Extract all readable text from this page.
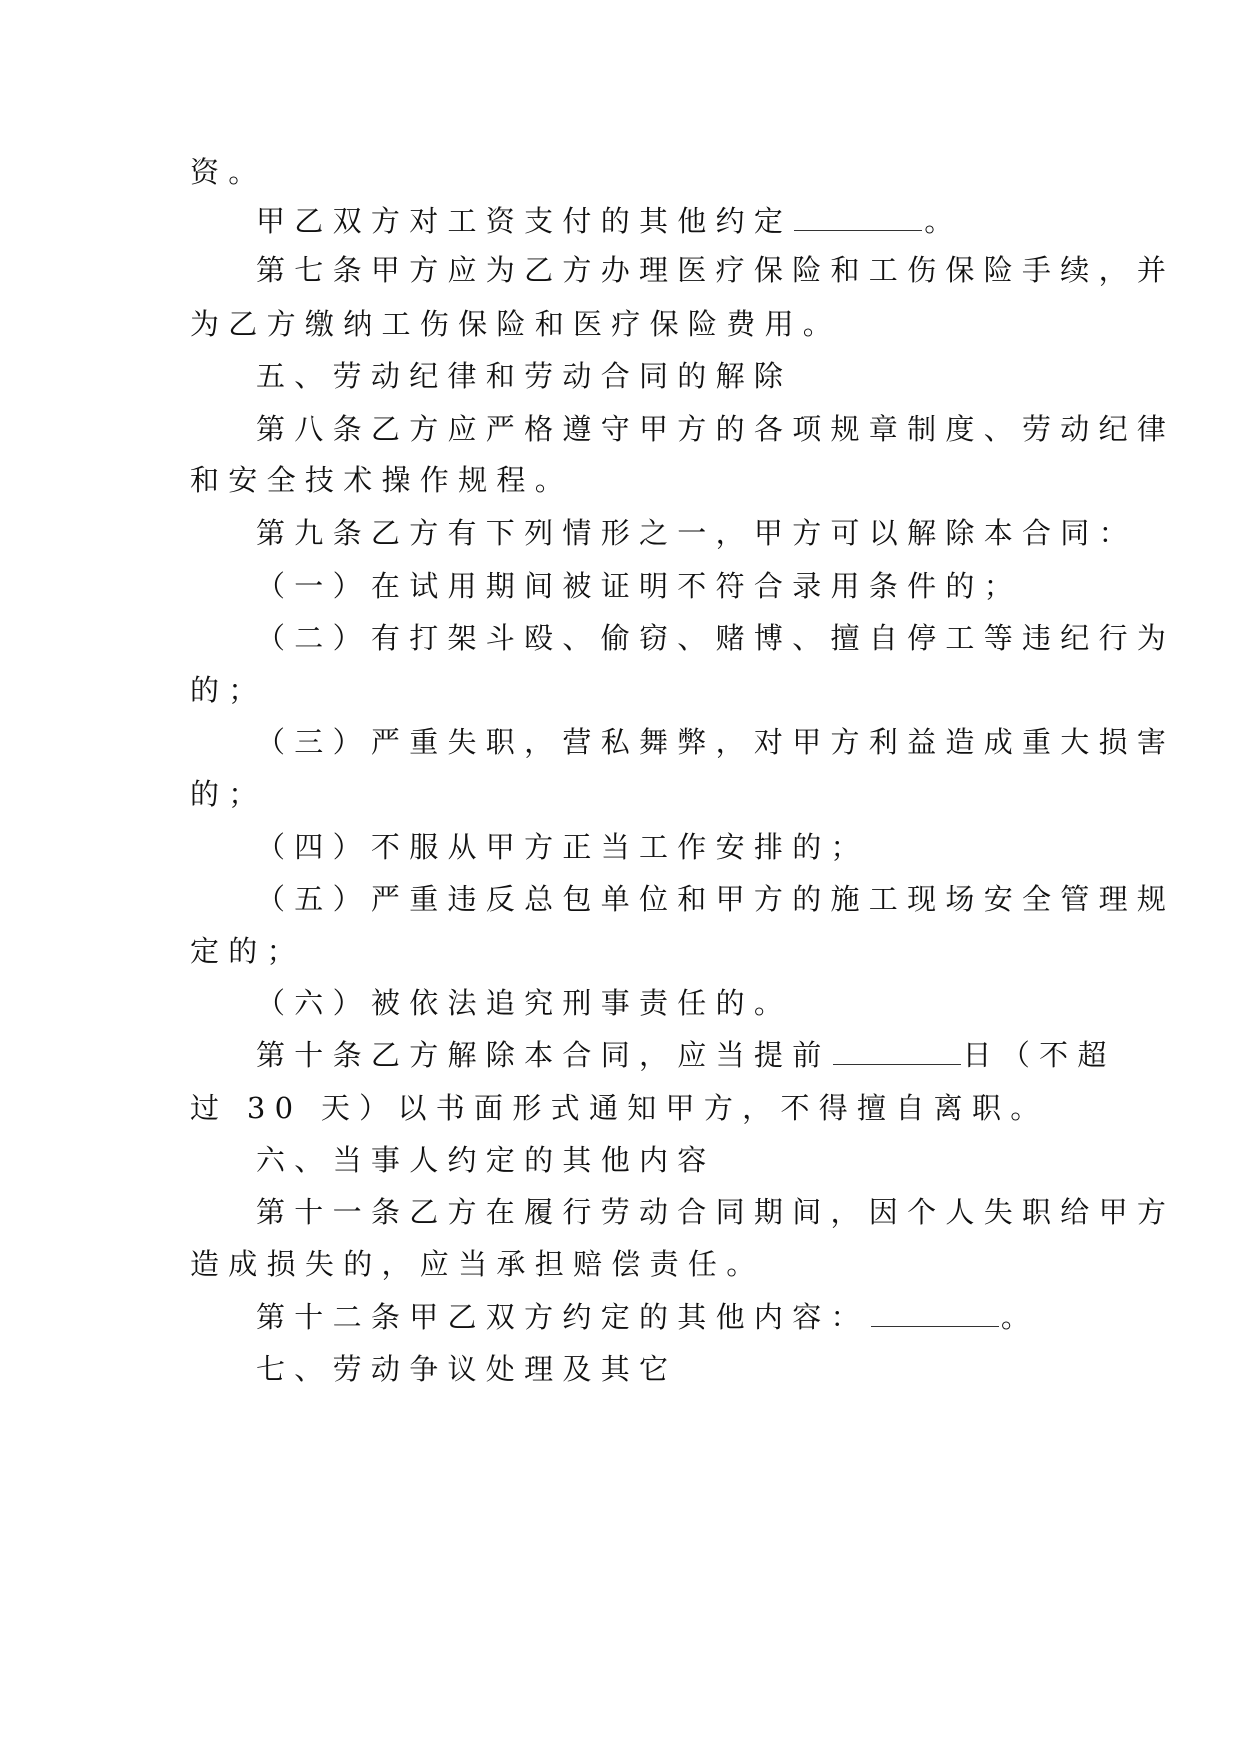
资。
甲乙双方对工资支付的其他约定	。
第七条甲方应为乙方办理医疗保险和工伤保险手续，并
为乙方缴纳工伤保险和医疗保险费用。
五、劳动纪律和劳动合同的解除
第八条乙方应严格遵守甲方的各项规章制度、劳动纪律
和安全技术操作规程。
第九条乙方有下列情形之一，甲方可以解除本合同：
（一）在试用期间被证明不符合录用条件的；
（二）有打架斗殴、偷窃、赌博、擅自停工等违纪行为
的；
（三）严重失职，营私舞弊，对甲方利益造成重大损害
的；
（四）不服从甲方正当工作安排的；
（五）严重违反总包单位和甲方的施工现场安全管理规
定的；
（六）被依法追究刑事责任的。
第十条乙方解除本合同，应当提前	日（不超
过 30 天）以书面形式通知甲方，不得擅自离职。
六、当事人约定的其他内容
第十一条乙方在履行劳动合同期间，因个人失职给甲方
造成损失的，应当承担赔偿责任。
第十二条甲乙双方约定的其他内容：	。
七、劳动争议处理及其它
